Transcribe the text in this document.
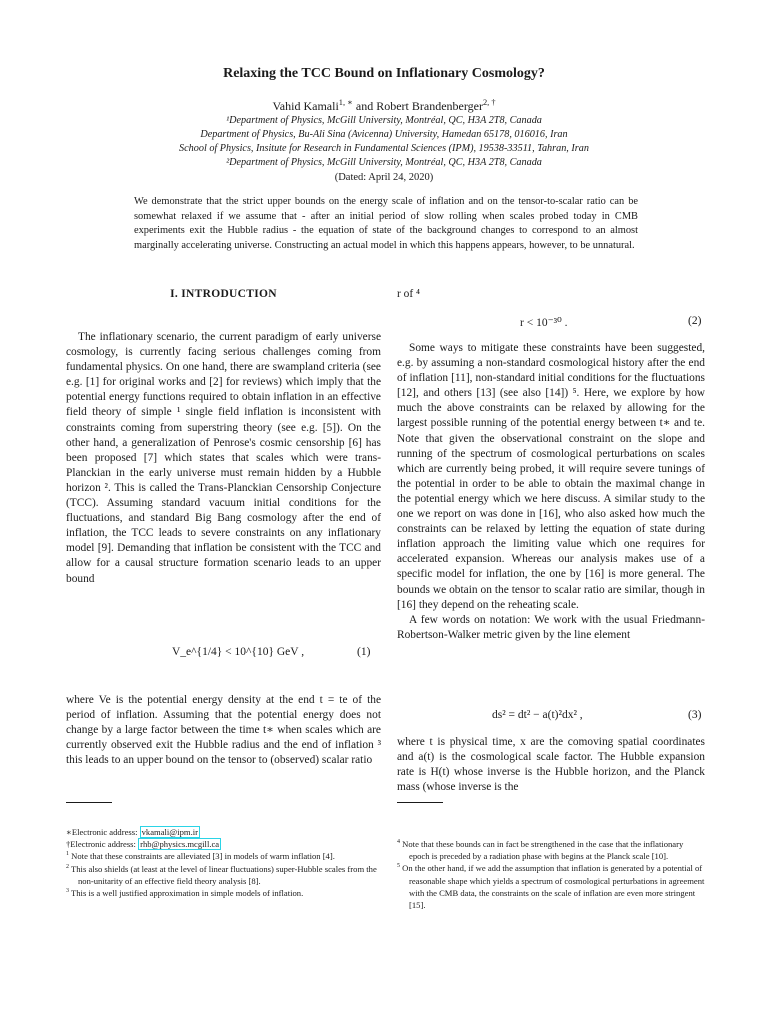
Relaxing the TCC Bound on Inflationary Cosmology?
Vahid Kamali$^{1, ∗}$ and Robert Brandenberger$^{2, \dagger}$
¹Department of Physics, McGill University, Montréal, QC, H3A 2T8, Canada
Department of Physics, Bu-Ali Sina (Avicenna) University, Hamedan 65178, 016016, Iran
School of Physics, Insitute for Research in Fundamental Sciences (IPM), 19538-33511, Tahran, Iran
²Department of Physics, McGill University, Montréal, QC, H3A 2T8, Canada
(Dated: April 24, 2020)
We demonstrate that the strict upper bounds on the energy scale of inflation and on the tensor-to-scalar ratio can be somewhat relaxed if we assume that - after an initial period of slow rolling when scales probed today in CMB experiments exit the Hubble radius - the equation of state of the background changes to correspond to an almost marginally accelerating universe. Constructing an actual model in which this happens appears, however, to be unnatural.
I. INTRODUCTION

The inflationary scenario, the current paradigm of early universe cosmology, is currently facing serious challenges coming from fundamental physics. On one hand, there are swampland criteria (see e.g. [1] for original works and [2] for reviews) which imply that the potential energy functions required to obtain inflation in an effective field theory of simple ¹ single field inflation is inconsistent with constraints coming from superstring theory (see e.g. [5]). On the other hand, a generalization of Penrose's cosmic censorship [6] has been proposed [7] which states that scales which were trans-Planckian in the early universe must remain hidden by a Hubble horizon ². This is called the Trans-Planckian Censorship Conjecture (TCC). Assuming standard vacuum initial conditions for the fluctuations, and standard Big Bang cosmology after the end of inflation, the TCC leads to severe constraints on any inflationary model [9]. Demanding that inflation be consistent with the TCC and allow for a causal structure formation scenario leads to an upper bound

V_e^{1/4} < 10^{10} GeV ,	(1)

where Ve is the potential energy density at the end t = te of the period of inflation. Assuming that the potential energy does not change by a large factor between the time t∗ when scales which are currently observed exit the Hubble radius and the end of inflation ³ this leads to an upper bound on the tensor to (observed) scalar ratio

∗Electronic address: vkamali@ipm.ir
†Electronic address: rhb@physics.mcgill.ca
$^1$ Note that these constraints are alleviated [3] in models of warm inflation [4].
$^2$ This also shields (at least at the level of linear fluctuations) super-Hubble scales from the non-unitarity of an effective field theory analysis [8].
$^3$ This is a well justified approximation in simple models of inflation.
r of ⁴
r < 10⁻³⁰ .	(2)

Some ways to mitigate these constraints have been suggested, e.g. by assuming a non-standard cosmological history after the end of inflation [11], non-standard initial conditions for the fluctuations [12], and others [13] (see also [14]) ⁵. Here, we explore by how much the above constraints can be relaxed by allowing for the largest possible running of the potential energy between t∗ and te. Note that given the observational constraint on the slope and running of the spectrum of cosmological perturbations on scales which are currently being probed, it will require severe tunings of the potential in order to be able to obtain the maximal change in the potential energy which we here discuss. A similar study to the one we report on was done in [16], who also asked how much the constraints can be relaxed by letting the equation of state during inflation approach the limiting value which one requires for accelerated expansion. Whereas our analysis makes use of a specific model for inflation, the one by [16] is more general. The bounds we obtain on the tensor to scalar ratio are similar, though in [16] they depend on the reheating scale.

A few words on notation: We work with the usual Friedmann-Robertson-Walker metric given by the line element

ds² = dt² − a(t)²dx² ,	(3)

where t is physical time, x are the comoving spatial coordinates and a(t) is the cosmological scale factor. The Hubble expansion rate is H(t) whose inverse is the Hubble horizon, and the Planck mass (whose inverse is the

$^4$ Note that these bounds can in fact be strengthened in the case that the inflationary epoch is preceded by a radiation phase with begins at the Planck scale [10].
$^5$ On the other hand, if we add the assumption that inflation is generated by a potential of reasonable shape which yields a spectrum of cosmological perturbations in agreement with the CMB data, the constraints on the scale of inflation are even more stringent [15].
